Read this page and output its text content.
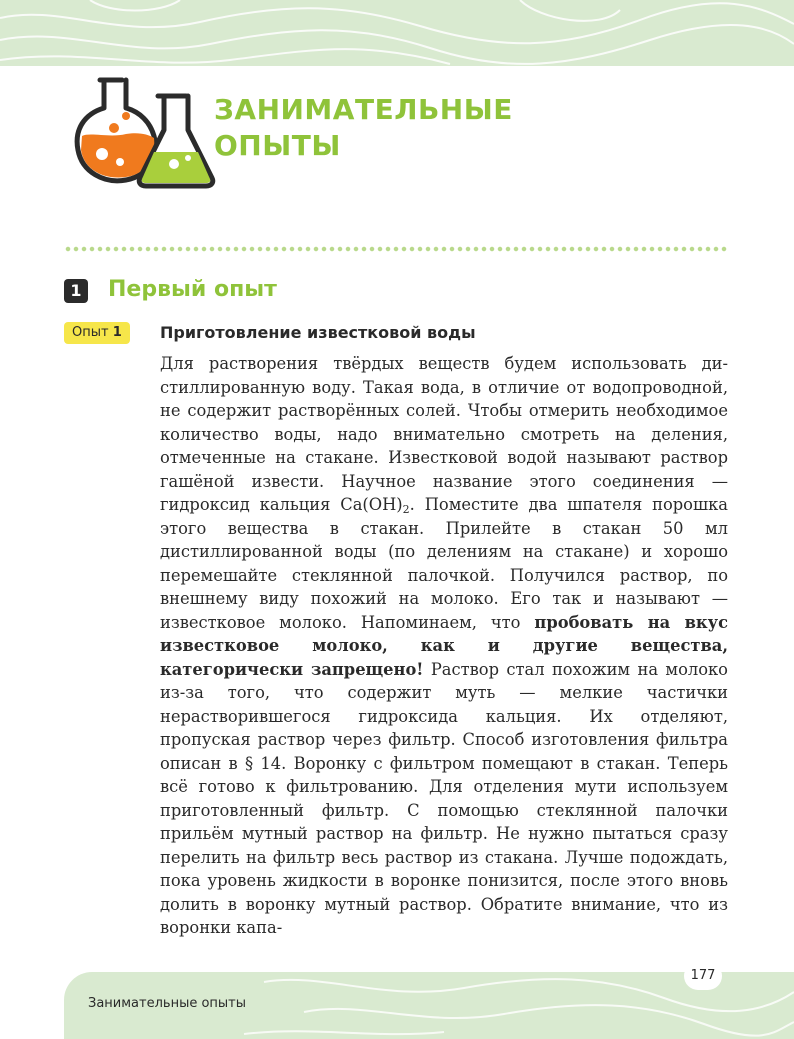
ЗАНИМАТЕЛЬНЫЕ
ОПЫТЫ
1 Первый опыт
Опыт 1	Приготовление известковой воды

Для растворения твёрдых веществ будем использовать дистиллированную воду. Такая вода, в отличие от водопроводной, не содержит растворённых солей. Чтобы отмерить необходимое количество воды, надо внимательно смотреть на деления, отмеченные на стакане. Известковой водой называют раствор гашёной извести. Научное название этого соединения — гидроксид кальция $Ca(OH)_2$. Поместите два шпателя порошка этого вещества в стакан. Прилейте в стакан 50 мл дистиллированной воды (по делениям на стакане) и хорошо перемешайте стеклянной палочкой. Получился раствор, по внешнему виду похожий на молоко. Его так и называют — известковое молоко. Напоминаем, что пробовать на вкус известковое молоко, как и другие вещества, категорически запрещено! Раствор стал похожим на молоко из-за того, что содержит муть — мелкие частички нерастворившегося гидроксида кальция. Их отделяют, пропуская раствор через фильтр. Способ изготовления фильтра описан в § 14. Воронку с фильтром помещают в стакан. Теперь всё готово к фильтрованию. Для отделения мути используем приготовленный фильтр. С помощью стеклянной палочки прильём мутный раствор на фильтр. Не нужно пытаться сразу перелить на фильтр весь раствор из стакана. Лучше подождать, пока уровень жидкости в воронке понизится, после этого вновь долить в воронку мутный раствор. Обратите внимание, что из воронки капа-

Занимательные опыты

177
